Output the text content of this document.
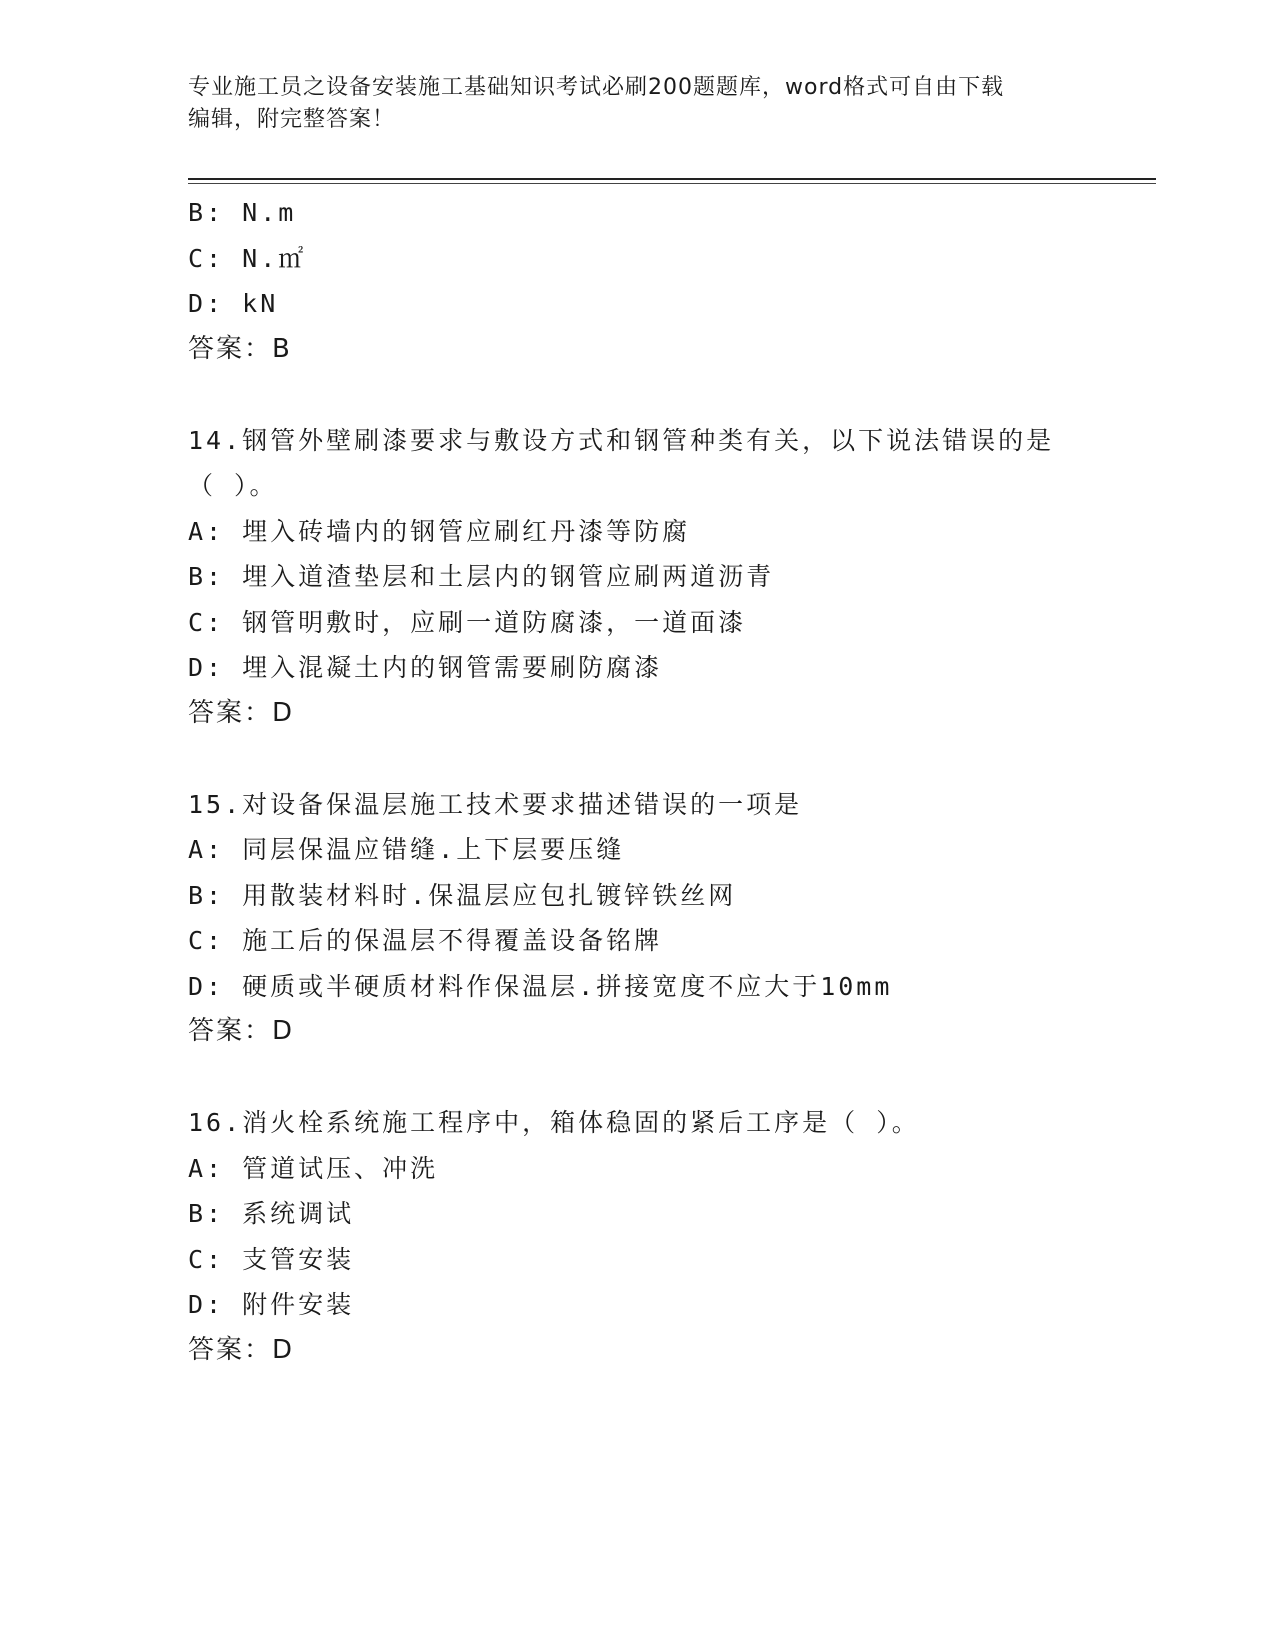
专业施工员之设备安装施工基础知识考试必刷200题题库，word格式可自由下载
编辑，附完整答案！
B: N.m
C: N.㎡
D: kN
答案：B
14.钢管外壁刷漆要求与敷设方式和钢管种类有关，以下说法错误的是
（ ）。
A: 埋入砖墙内的钢管应刷红丹漆等防腐
B: 埋入道渣垫层和土层内的钢管应刷两道沥青
C: 钢管明敷时，应刷一道防腐漆，一道面漆
D: 埋入混凝土内的钢管需要刷防腐漆
答案：D
15.对设备保温层施工技术要求描述错误的一项是
A: 同层保温应错缝.上下层要压缝
B: 用散装材料时.保温层应包扎镀锌铁丝网
C: 施工后的保温层不得覆盖设备铭牌
D: 硬质或半硬质材料作保温层.拼接宽度不应大于10mm
答案：D
16.消火栓系统施工程序中，箱体稳固的紧后工序是（ ）。
A: 管道试压、冲洗
B: 系统调试
C: 支管安装
D: 附件安装
答案：D
